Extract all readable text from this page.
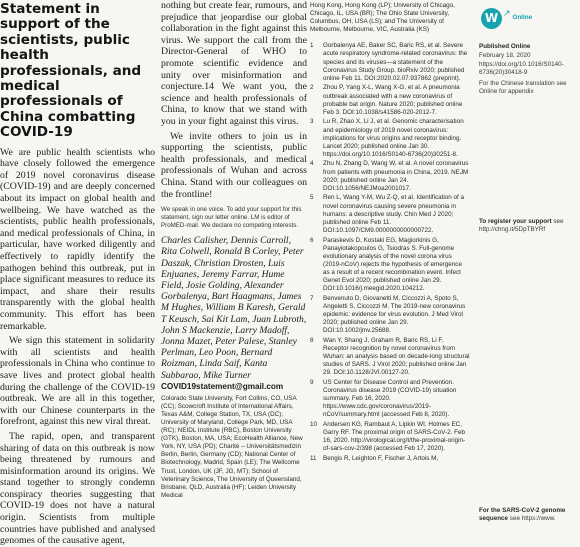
Statement in support of the scientists, public health professionals, and medical professionals of China combatting COVID-19

We are public health scientists who have closely followed the emergence of 2019 novel coronavirus disease (COVID-19) and are deeply concerned about its impact on global health and wellbeing. We have watched as the scientists, public health professionals, and medical professionals of China, in particular, have worked diligently and effectively to rapidly identify the pathogen behind this outbreak, put in place significant measures to reduce its impact, and share their results transparently with the global health community. This effort has been remarkable.

We sign this statement in solidarity with all scientists and health professionals in China who continue to save lives and protect global health during the challenge of the COVID-19 outbreak. We are all in this together, with our Chinese counterparts in the forefront, against this new viral threat.

The rapid, open, and transparent sharing of data on this outbreak is now being threatened by rumours and misinformation around its origins. We stand together to strongly condemn conspiracy theories suggesting that COVID-19 does not have a natural origin. Scientists from multiple countries have published and analysed genomes of the causative agent,

nothing but create fear, rumours, and prejudice that jeopardise our global collaboration in the fight against this virus. We support the call from the Director-General of WHO to promote scientific evidence and unity over misinformation and conjecture.14 We want you, the science and health professionals of China, to know that we stand with you in your fight against this virus.

We invite others to join us in supporting the scientists, public health professionals, and medical professionals of Wuhan and across China. Stand with our colleagues on the frontline!

We speak in one voice. To add your support for this statement, sign our letter online. LM is editor of ProMED-mail. We declare no competing interests.
Charles Calisher, Dennis Carroll, Rita Colwell, Ronald B Corley, Peter Daszak, Christian Drosten, Luis Enjuanes, Jeremy Farrar, Hume Field, Josie Golding, Alexander Gorbalenya, Bart Haagmans, James M Hughes, William B Karesh, Gerald T Keusch, Sai Kit Lam, Juan Lubroth, John S Mackenzie, Larry Madoff, Jonna Mazet, Peter Palese, Stanley Perlman, Leo Poon, Bernard Roizman, Linda Saif, Kanta Subbarao, Mike Turner
COVID19statement@gmail.com
Colorado State University, Fort Collins, CO, USA (CC); Scowcroft Institute of International Affairs, Texas A&M, College Station, TX, USA (DC); University of Maryland, College Park, MD, USA (RC); NEIDL Institute (RBC), Boston University (GTK), Boston, MA, USA; EcoHealth Alliance, New York, NY, USA (PD); Charité – Universitätsmedizin Berlin, Berlin, Germany (CD); National Center of Biotechnology, Madrid, Spain (LE); The Wellcome Trust, London, UK (JF, JG, MT); School of Veterinary Science, The University of Queensland, Brisbane, QLD, Australia (HF); Leiden University Medical
Hong Kong, Hong Kong (LP); University of Chicago, Chicago, IL, USA (BR); The Ohio State University, Columbus, OH, USA (LS); and The University of Melbourne, Melbourne, VIC, Australia (KS)
1	Gorbalenya AE, Baker SC, Baric RS, et al. Severe acute respiratory syndrome-related coronavirus: the species and its viruses—a statement of the Coronavirus Study Group. bioRxiv 2020; published online Feb 11. DOI:2020.02.07.937862 (preprint).
2	Zhou P, Yang X-L, Wang X-G, et al. A pneumonia outbreak associated with a new coronavirus of probable bat origin. Nature 2020; published online Feb 3. DOI:10.1038/s41586-020-2012-7.
3	Lu R, Zhao X, Li J, et al. Genomic characterisation and epidemiology of 2019 novel coronavirus: implications for virus origins and receptor binding. Lancet 2020; published online Jan 30. https://doi.org/10.1016/S0140-6736(20)30251-8.
4	Zhu N, Zhang D, Wang W, et al. A novel coronavirus from patients with pneumonia in China, 2019. NEJM 2020; published online Jan 24. DOI:10.1056/NEJMoa2001017.
5	Ren L, Wang Y-M, Wu Z-Q, et al. Identification of a novel coronavirus causing severe pneumonia in humans: a descriptive study. Chin Med J 2020; published online Feb 11. DOI:10.1097/CM9.0000000000000722.
6	Paraskevis D, Kostaki EG, Magiorkinis G, Panayiotakopoulos G, Tsiodras S. Full-genome evolutionary analysis of the novel corona virus (2019-nCoV) rejects the hypothesis of emergence as a result of a recent recombination event. Infect Genet Evol 2020; published online Jan 29. DOI:10.1016/j.meegid.2020.104212.
7	Benvenuto D, Giovanetti M, Ciccozzi A, Spoto S, Angeletti S, Ciccozzi M. The 2019-new coronavirus epidemic: evidence for virus evolution. J Med Virol 2020; published online Jan 29. DOI:10.1002/jmv.25688.
8	Wan Y, Shang J, Graham R, Baric RS, Li F. Receptor recognition by novel coronavirus from Wuhan: an analysis based on decade-long structural studies of SARS. J Virol 2020; published online Jan 29. DOI:10.1128/JVI.00127-20.
9	US Center for Disease Control and Prevention. Coronavirus disease 2019 (COVID-19) situation summary. Feb 16, 2020. https://www.cdc.gov/coronavirus/2019-nCoV/summary.html (accessed Feb 8, 2020).
10 Andersen KG, Rambaut A, Lipkin WI, Holmes EC, Garry RF. The proximal origin of SARS-CoV-2. Feb 16, 2020. http://virological.org/t/the-proximal-origin-of-sars-cov-2/398 (accessed Feb 17, 2020).
11	Bengis R, Leighton F, Fischer J, Artois M,
W
↗	Online
Published Online
February 18, 2020
https://doi.org/10.1016/S0140-6736(20)30418-9
For the Chinese translation see Online for appendix
To register your support see http://chng.it/5DpTBYRf
For the SARS-CoV-2 genome sequence see https://www.
